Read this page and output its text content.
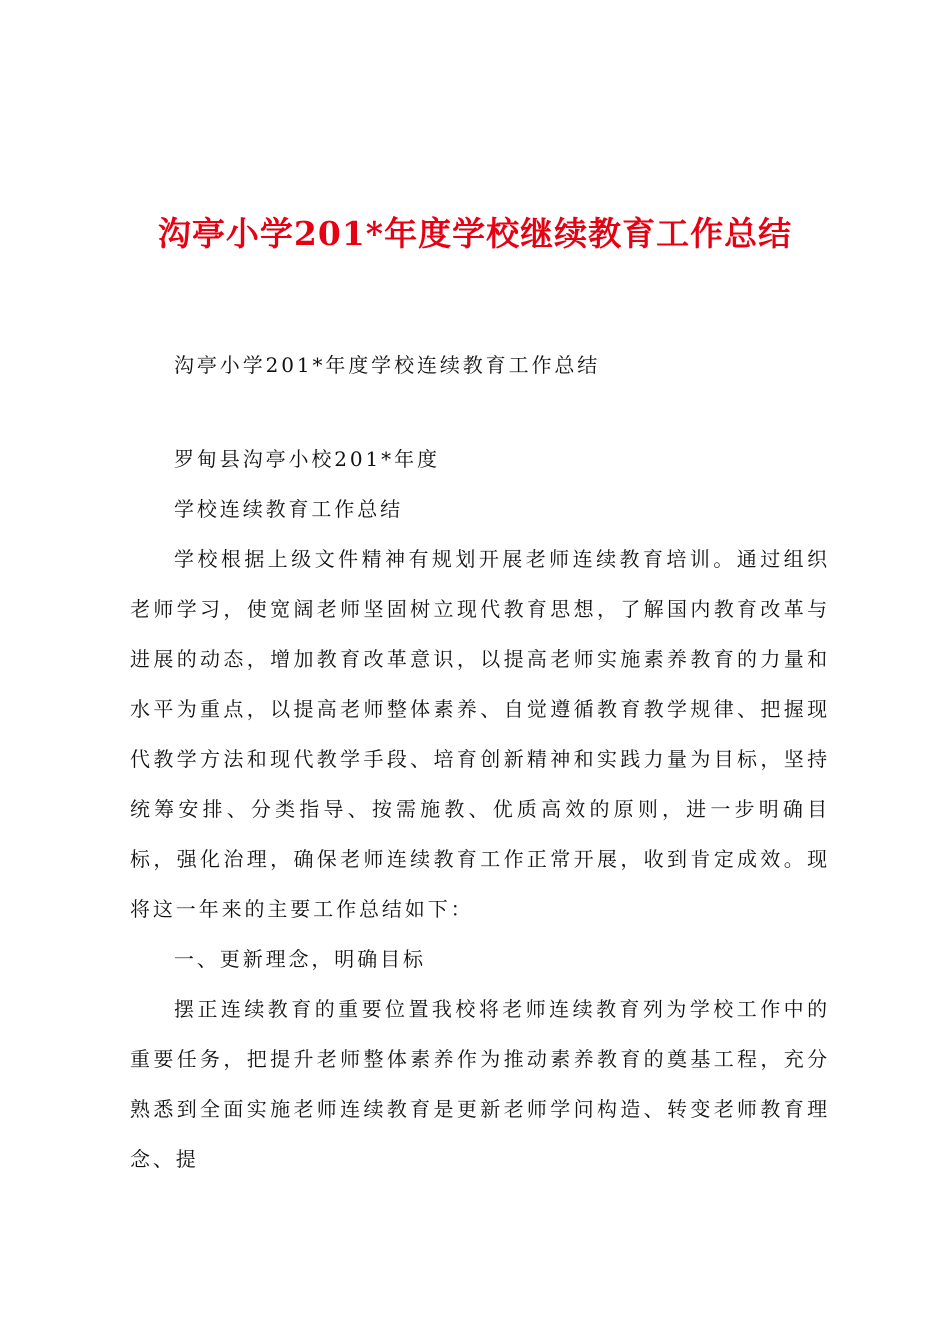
沟亭小学201*年度学校继续教育工作总结

沟亭小学201*年度学校连续教育工作总结

罗甸县沟亭小校201*年度

学校连续教育工作总结

学校根据上级文件精神有规划开展老师连续教育培训。通过组织老师学习，使宽阔老师坚固树立现代教育思想，了解国内教育改革与进展的动态，增加教育改革意识，以提高老师实施素养教育的力量和水平为重点，以提高老师整体素养、自觉遵循教育教学规律、把握现代教学方法和现代教学手段、培育创新精神和实践力量为目标，坚持统筹安排、分类指导、按需施教、优质高效的原则，进一步明确目标，强化治理，确保老师连续教育工作正常开展，收到肯定成效。现将这一年来的主要工作总结如下：

一、更新理念，明确目标

摆正连续教育的重要位置我校将老师连续教育列为学校工作中的重要任务，把提升老师整体素养作为推动素养教育的奠基工程，充分熟悉到全面实施老师连续教育是更新老师学问构造、转变老师教育理念、提
